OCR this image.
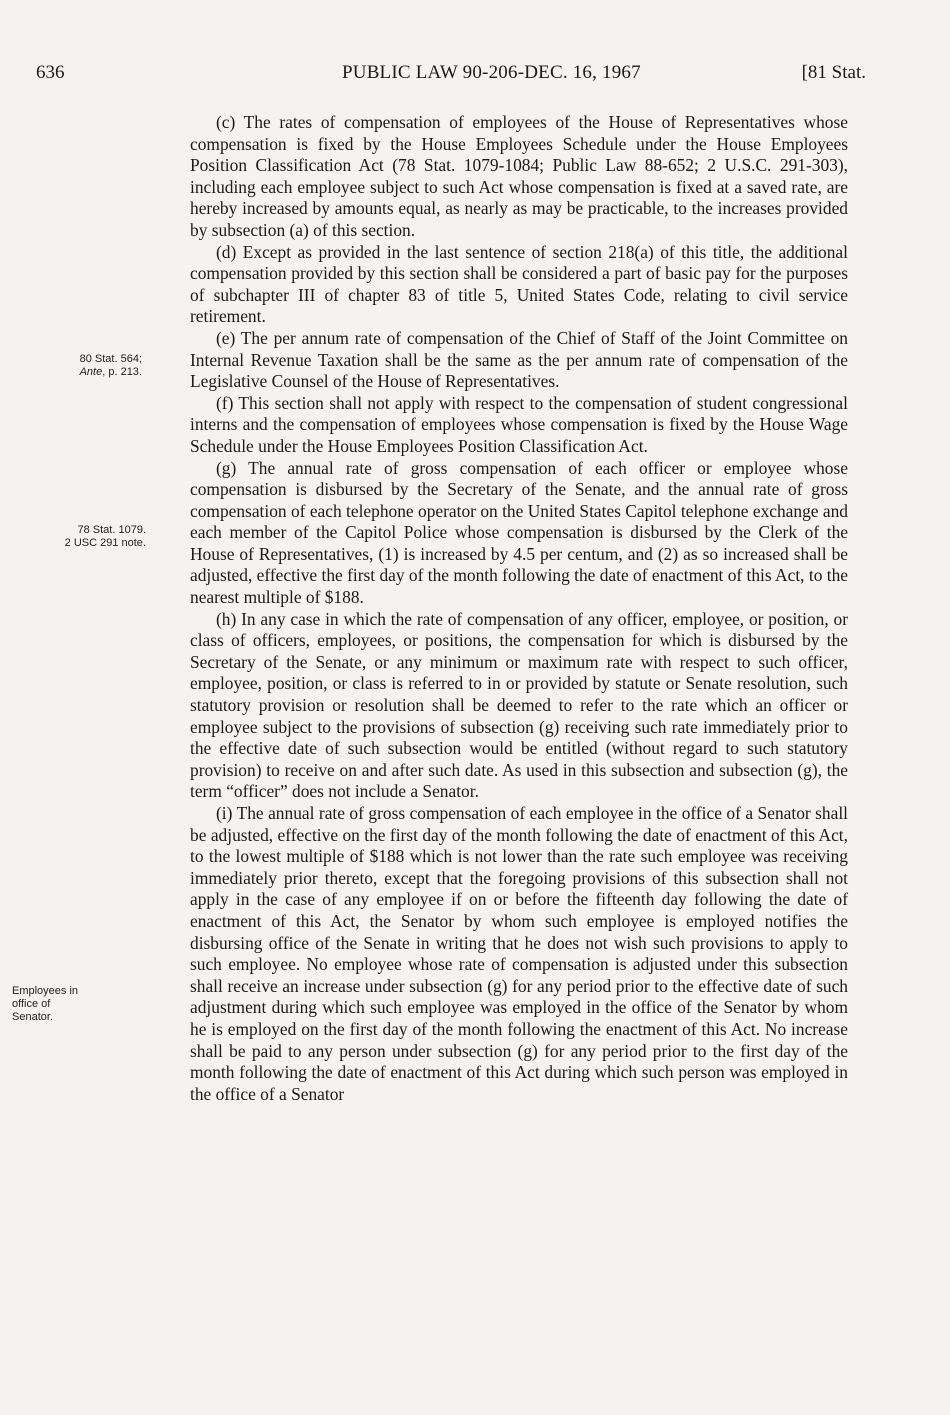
636	PUBLIC LAW 90-206-DEC. 16, 1967	[81 Stat.
80 Stat. 564;
Ante, p. 213.
78 Stat. 1079.
2 USC 291 note.
Employees in
office of
Senator.

(c) The rates of compensation of employees of the House of Representatives whose compensation is fixed by the House Employees Schedule under the House Employees Position Classification Act (78 Stat. 1079-1084; Public Law 88-652; 2 U.S.C. 291-303), including each employee subject to such Act whose compensation is fixed at a saved rate, are hereby increased by amounts equal, as nearly as may be practicable, to the increases provided by subsection (a) of this section.

(d) Except as provided in the last sentence of section 218(a) of this title, the additional compensation provided by this section shall be considered a part of basic pay for the purposes of subchapter III of chapter 83 of title 5, United States Code, relating to civil service retirement.

(e) The per annum rate of compensation of the Chief of Staff of the Joint Committee on Internal Revenue Taxation shall be the same as the per annum rate of compensation of the Legislative Counsel of the House of Representatives.

(f) This section shall not apply with respect to the compensation of student congressional interns and the compensation of employees whose compensation is fixed by the House Wage Schedule under the House Employees Position Classification Act.

(g) The annual rate of gross compensation of each officer or employee whose compensation is disbursed by the Secretary of the Senate, and the annual rate of gross compensation of each telephone operator on the United States Capitol telephone exchange and each member of the Capitol Police whose compensation is disbursed by the Clerk of the House of Representatives, (1) is increased by 4.5 per centum, and (2) as so increased shall be adjusted, effective the first day of the month following the date of enactment of this Act, to the nearest multiple of $188.

(h) In any case in which the rate of compensation of any officer, employee, or position, or class of officers, employees, or positions, the compensation for which is disbursed by the Secretary of the Senate, or any minimum or maximum rate with respect to such officer, employee, position, or class is referred to in or provided by statute or Senate resolution, such statutory provision or resolution shall be deemed to refer to the rate which an officer or employee subject to the provisions of subsection (g) receiving such rate immediately prior to the effective date of such subsection would be entitled (without regard to such statutory provision) to receive on and after such date. As used in this subsection and subsection (g), the term “officer” does not include a Senator.

(i) The annual rate of gross compensation of each employee in the office of a Senator shall be adjusted, effective on the first day of the month following the date of enactment of this Act, to the lowest multiple of $188 which is not lower than the rate such employee was receiving immediately prior thereto, except that the foregoing provisions of this subsection shall not apply in the case of any employee if on or before the fifteenth day following the date of enactment of this Act, the Senator by whom such employee is employed notifies the disbursing office of the Senate in writing that he does not wish such provisions to apply to such employee. No employee whose rate of compensation is adjusted under this subsection shall receive an increase under subsection (g) for any period prior to the effective date of such adjustment during which such employee was employed in the office of the Senator by whom he is employed on the first day of the month following the enactment of this Act. No increase shall be paid to any person under subsection (g) for any period prior to the first day of the month following the date of enactment of this Act during which such person was employed in the office of a Senator
